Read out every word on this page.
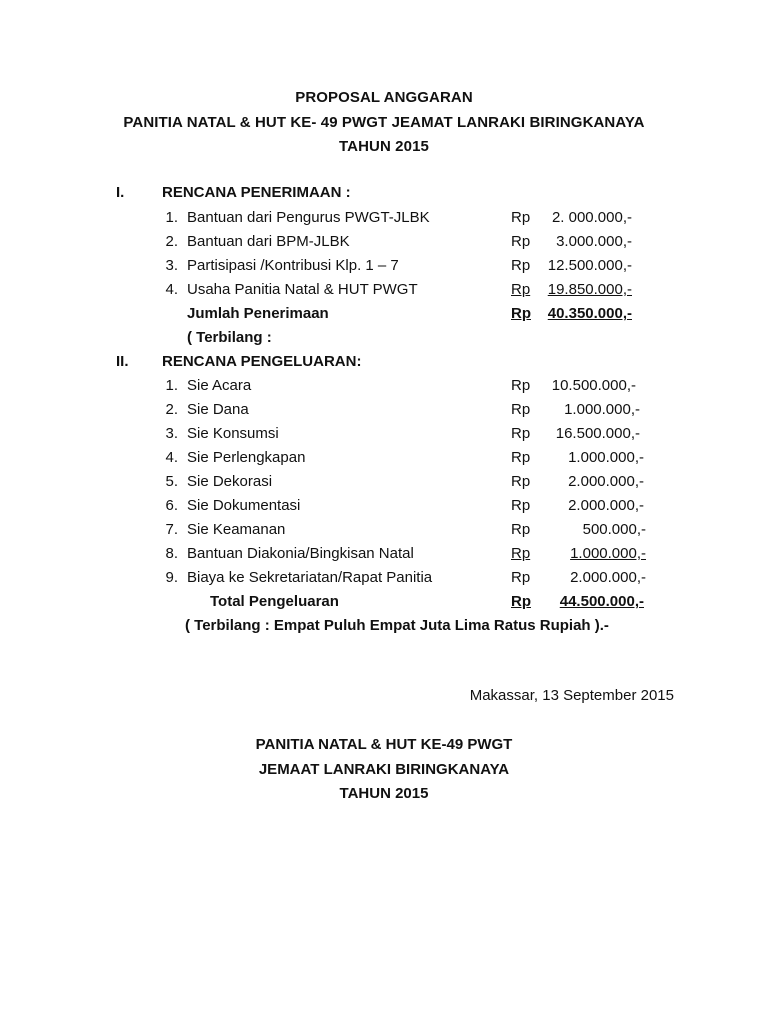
PROPOSAL ANGGARAN
PANITIA NATAL & HUT KE- 49 PWGT JEAMAT LANRAKI BIRINGKANAYA
TAHUN 2015
I.	RENCANA PENERIMAAN :
1. Bantuan dari Pengurus PWGT-JLBK	Rp 2. 000.000,-
2. Bantuan dari BPM-JLBK	Rp 3.000.000,-
3. Partisipasi /Kontribusi Klp. 1 – 7	Rp 12.500.000,-
4. Usaha Panitia Natal & HUT PWGT	Rp	19.850.000,-
Jumlah Penerimaan	Rp	40.350.000,-
( Terbilang :
II. RENCANA PENGELUARAN:
1. Sie Acara	Rp 10.500.000,-
2. Sie Dana	Rp 1.000.000,-
3. Sie Konsumsi	Rp 16.500.000,-
4. Sie Perlengkapan	Rp	1.000.000,-
5. Sie Dekorasi	Rp	2.000.000,-
6. Sie Dokumentasi	Rp	2.000.000,-
7. Sie Keamanan	Rp	500.000,-
8. Bantuan Diakonia/Bingkisan Natal	Rp	1.000.000,-
9. Biaya ke Sekretariatan/Rapat Panitia	Rp	2.000.000,-
Total Pengeluaran	Rp	44.500.000,-
( Terbilang : Empat Puluh Empat Juta Lima Ratus Rupiah ).-
Makassar, 13 September 2015
PANITIA NATAL & HUT KE-49 PWGT
JEMAAT LANRAKI BIRINGKANAYA
TAHUN 2015
